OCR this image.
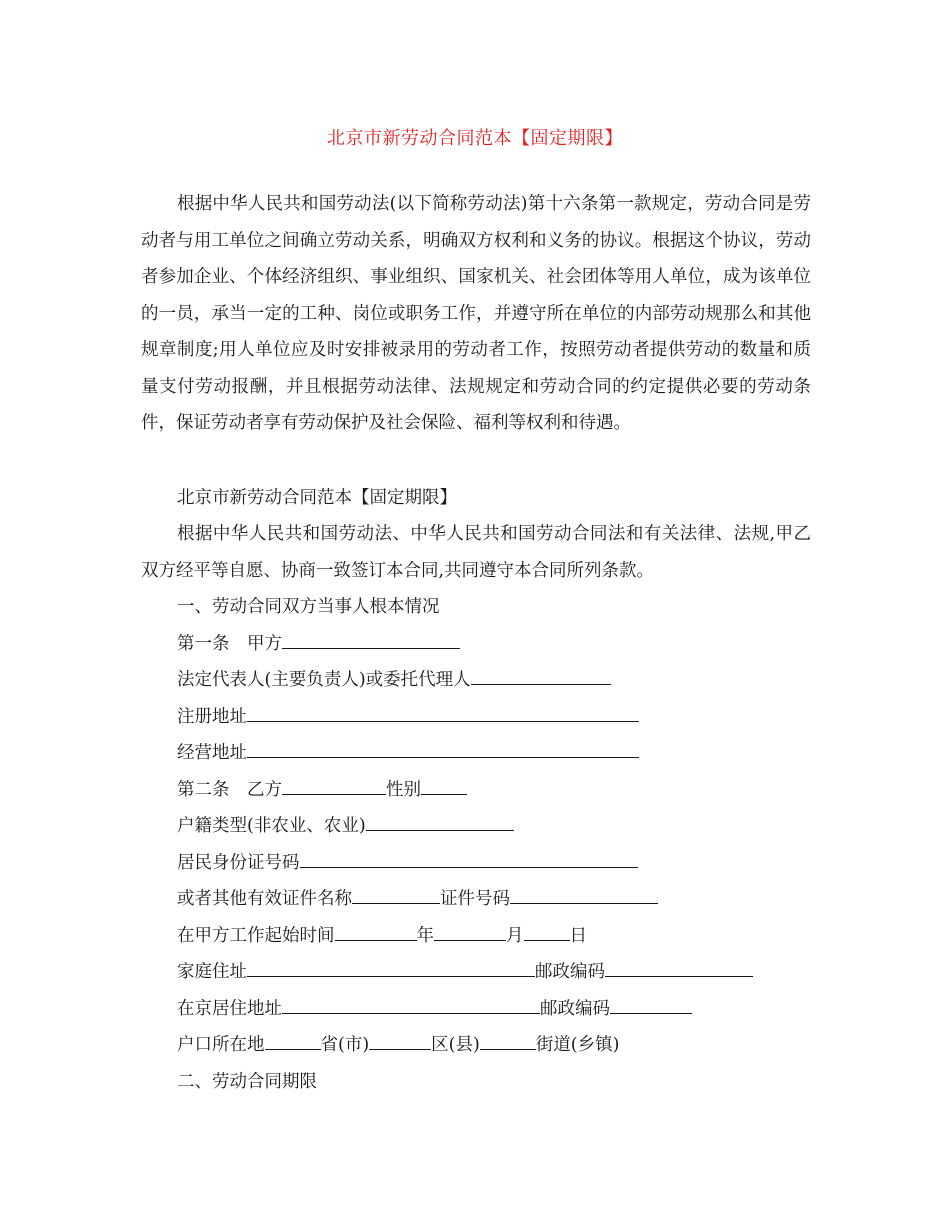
北京市新劳动合同范本【固定期限】

根据中华人民共和国劳动法(以下简称劳动法)第十六条第一款规定，劳动合同是劳动者与用工单位之间确立劳动关系，明确双方权利和义务的协议。根据这个协议，劳动者参加企业、个体经济组织、事业组织、国家机关、社会团体等用人单位，成为该单位的一员，承当一定的工种、岗位或职务工作，并遵守所在单位的内部劳动规那么和其他规章制度;用人单位应及时安排被录用的劳动者工作，按照劳动者提供劳动的数量和质量支付劳动报酬，并且根据劳动法律、法规规定和劳动合同的约定提供必要的劳动条件，保证劳动者享有劳动保护及社会保险、福利等权利和待遇。

北京市新劳动合同范本【固定期限】

根据中华人民共和国劳动法、中华人民共和国劳动合同法和有关法律、法规,甲乙双方经平等自愿、协商一致签订本合同,共同遵守本合同所列条款。

一、劳动合同双方当事人根本情况

第一条　甲方

法定代表人(主要负责人)或委托代理人

注册地址

经营地址

第二条　乙方	性别

户籍类型(非农业、农业)

居民身份证号码

或者其他有效证件名称	证件号码

在甲方工作起始时间	年	月	日

家庭住址	邮政编码

在京居住地址	邮政编码

户口所在地	省(市)	区(县)	街道(乡镇)

二、劳动合同期限
